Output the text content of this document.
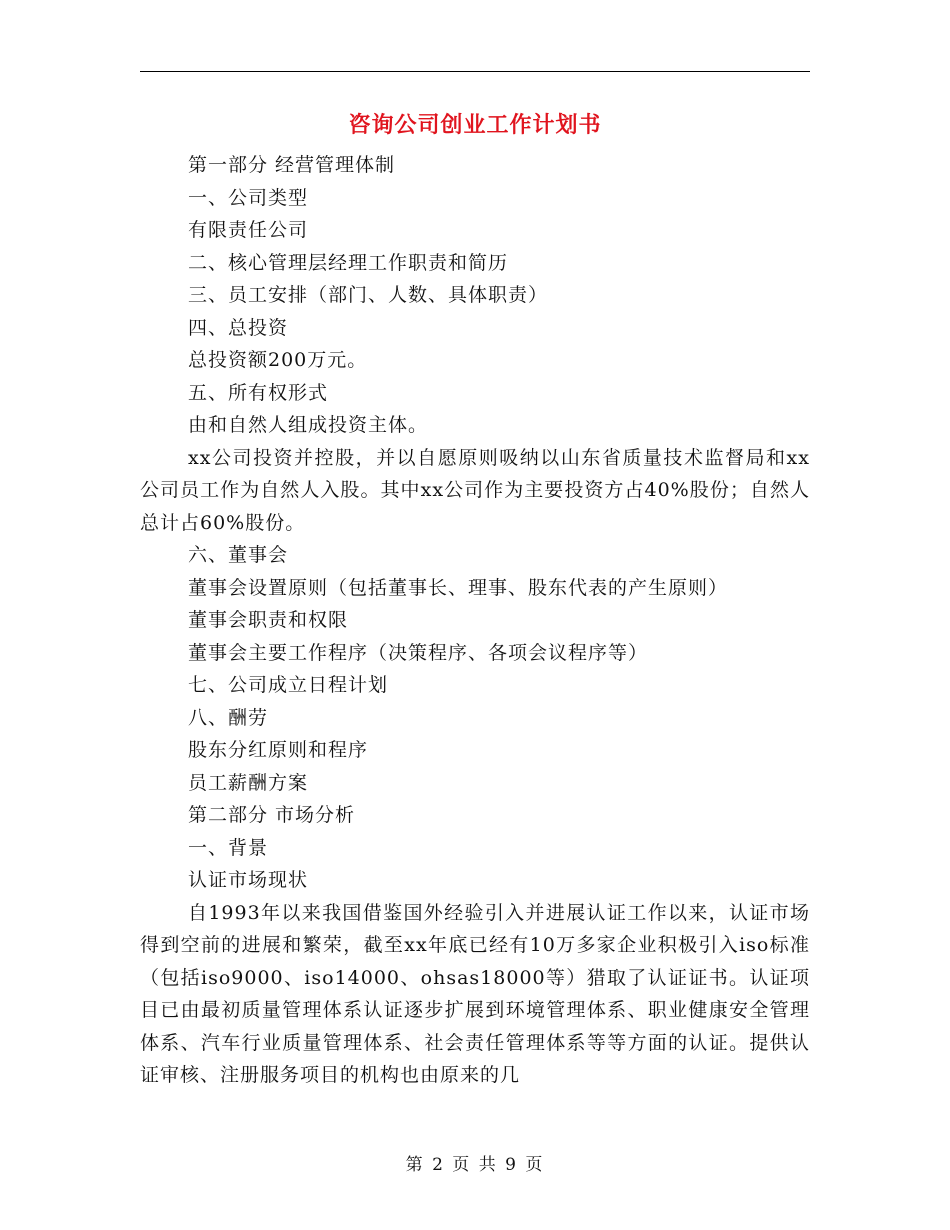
咨询公司创业工作计划书

第一部分 经营管理体制

一、公司类型

有限责任公司

二、核心管理层经理工作职责和简历

三、员工安排（部门、人数、具体职责）

四、总投资

总投资额200万元。

五、所有权形式

由和自然人组成投资主体。

xx公司投资并控股，并以自愿原则吸纳以山东省质量技术监督局和xx公司员工作为自然人入股。其中xx公司作为主要投资方占40%股份；自然人总计占60%股份。

六、董事会

董事会设置原则（包括董事长、理事、股东代表的产生原则）

董事会职责和权限

董事会主要工作程序（决策程序、各项会议程序等）

七、公司成立日程计划

八、酬劳

股东分红原则和程序

员工薪酬方案

第二部分 市场分析

一、背景

认证市场现状

自1993年以来我国借鉴国外经验引入并进展认证工作以来，认证市场得到空前的进展和繁荣，截至xx年底已经有10万多家企业积极引入iso标准（包括iso9000、iso14000、ohsas18000等）猎取了认证证书。认证项目已由最初质量管理体系认证逐步扩展到环境管理体系、职业健康安全管理体系、汽车行业质量管理体系、社会责任管理体系等等方面的认证。提供认证审核、注册服务项目的机构也由原来的几

第 2 页 共 9 页
